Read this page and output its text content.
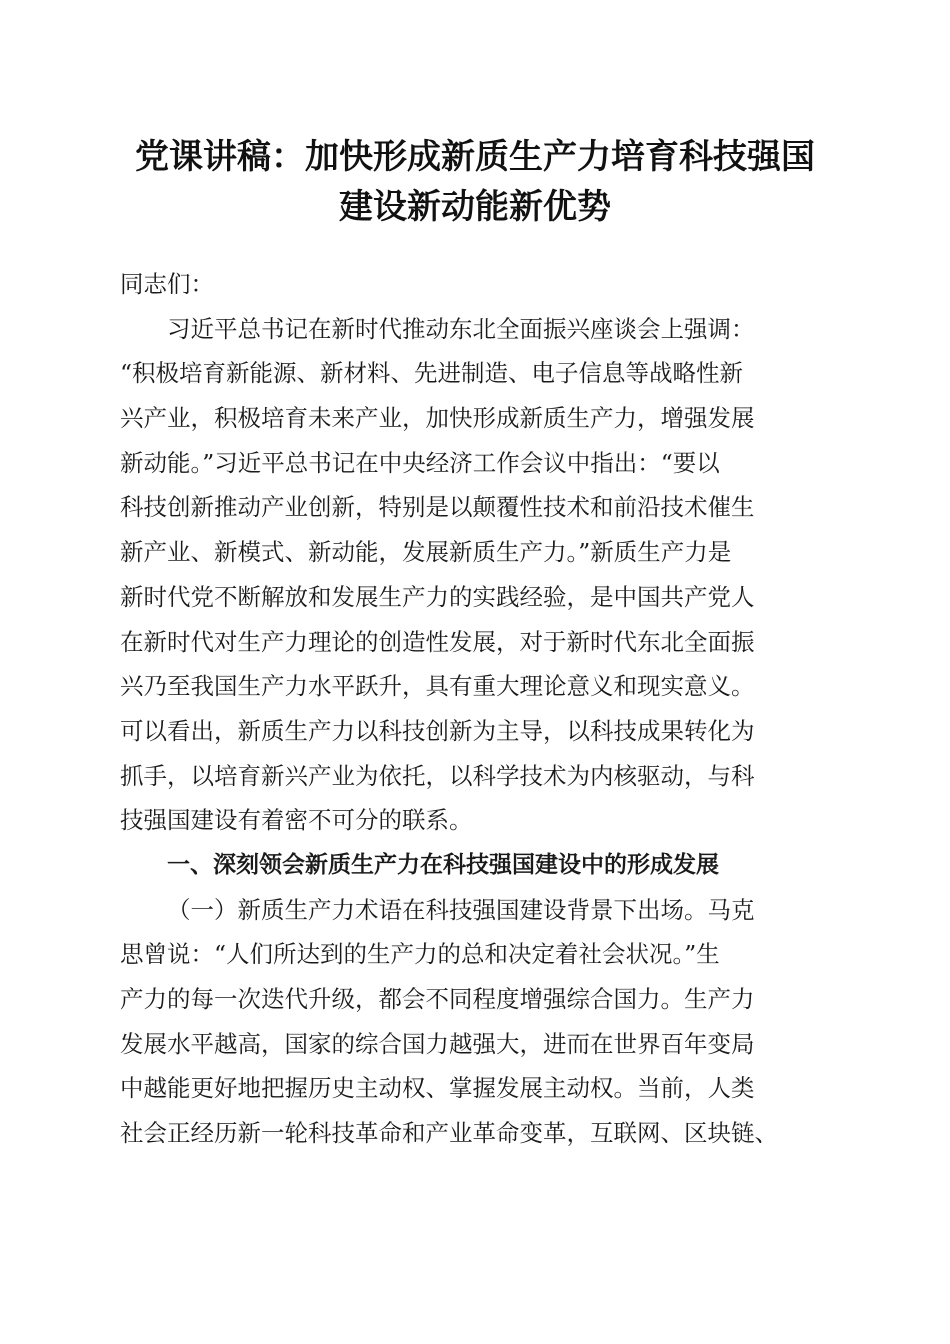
党课讲稿：加快形成新质生产力培育科技强国
建设新动能新优势
同志们：
习近平总书记在新时代推动东北全面振兴座谈会上强调：
“积极培育新能源、新材料、先进制造、电子信息等战略性新
兴产业，积极培育未来产业，加快形成新质生产力，增强发展
新动能。”习近平总书记在中央经济工作会议中指出：“要以
科技创新推动产业创新，特别是以颠覆性技术和前沿技术催生
新产业、新模式、新动能，发展新质生产力。”新质生产力是
新时代党不断解放和发展生产力的实践经验，是中国共产党人
在新时代对生产力理论的创造性发展，对于新时代东北全面振
兴乃至我国生产力水平跃升，具有重大理论意义和现实意义。
可以看出，新质生产力以科技创新为主导，以科技成果转化为
抓手，以培育新兴产业为依托，以科学技术为内核驱动，与科
技强国建设有着密不可分的联系。
一、深刻领会新质生产力在科技强国建设中的形成发展
（一）新质生产力术语在科技强国建设背景下出场。马克
思曾说：“人们所达到的生产力的总和决定着社会状况。”生
产力的每一次迭代升级，都会不同程度增强综合国力。生产力
发展水平越高，国家的综合国力越强大，进而在世界百年变局
中越能更好地把握历史主动权、掌握发展主动权。当前，人类
社会正经历新一轮科技革命和产业革命变革，互联网、区块链、
